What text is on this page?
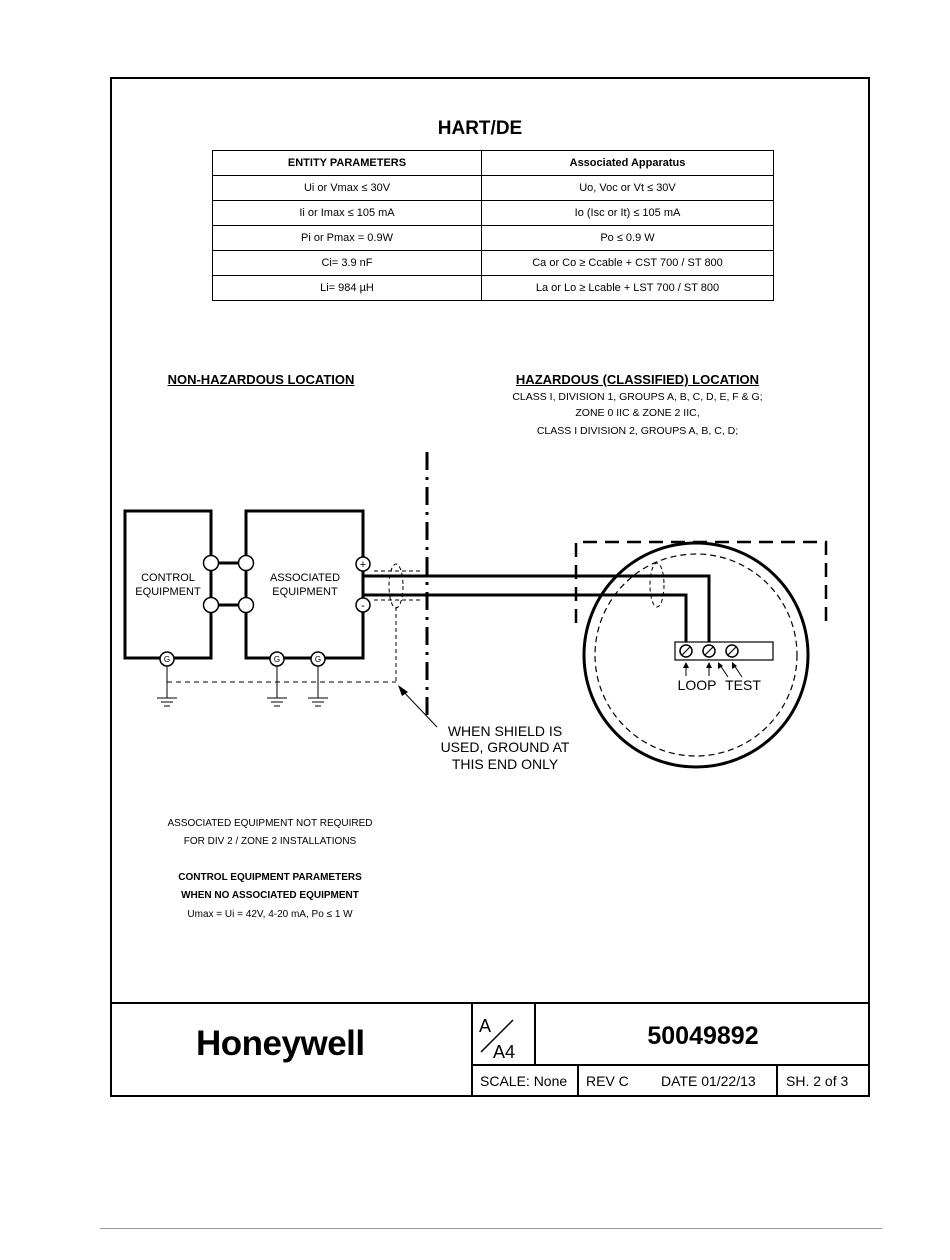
HART/DE
ENTITY PARAMETERS	Associated Apparatus
Ui or Vmax ≤ 30V	Uo, Voc or Vt ≤ 30V
Ii or Imax ≤ 105 mA	Io (Isc or It) ≤ 105 mA
Pi or Pmax = 0.9W	Po ≤ 0.9 W
Ci= 3.9 nF	Ca or Co ≥ Ccable + CST 700 / ST 800
Li= 984 µH	La or Lo ≥ Lcable + LST 700 / ST 800
NON-HAZARDOUS LOCATION	HAZARDOUS (CLASSIFIED) LOCATION
CLASS I, DIVISION 1, GROUPS A, B, C, D, E, F & G;
ZONE 0 IIC & ZONE 2 IIC,
CLASS I DIVISION 2, GROUPS A, B, C, D;
CONTROL
EQUIPMENT
ASSOCIATED
EQUIPMENT
+
-
G	G	G
WHEN SHIELD IS
USED, GROUND AT
THIS END ONLY
LOOP TEST
ASSOCIATED EQUIPMENT NOT REQUIRED
FOR DIV 2 / ZONE 2 INSTALLATIONS
CONTROL EQUIPMENT PARAMETERS
WHEN NO ASSOCIATED EQUIPMENT
Umax = Ui = 42V, 4-20 mA, Po ≤ 1 W
Honeywell	A
A4
50049892
SCALE: None REV C DATE 01/22/13 SH. 2 of 3
